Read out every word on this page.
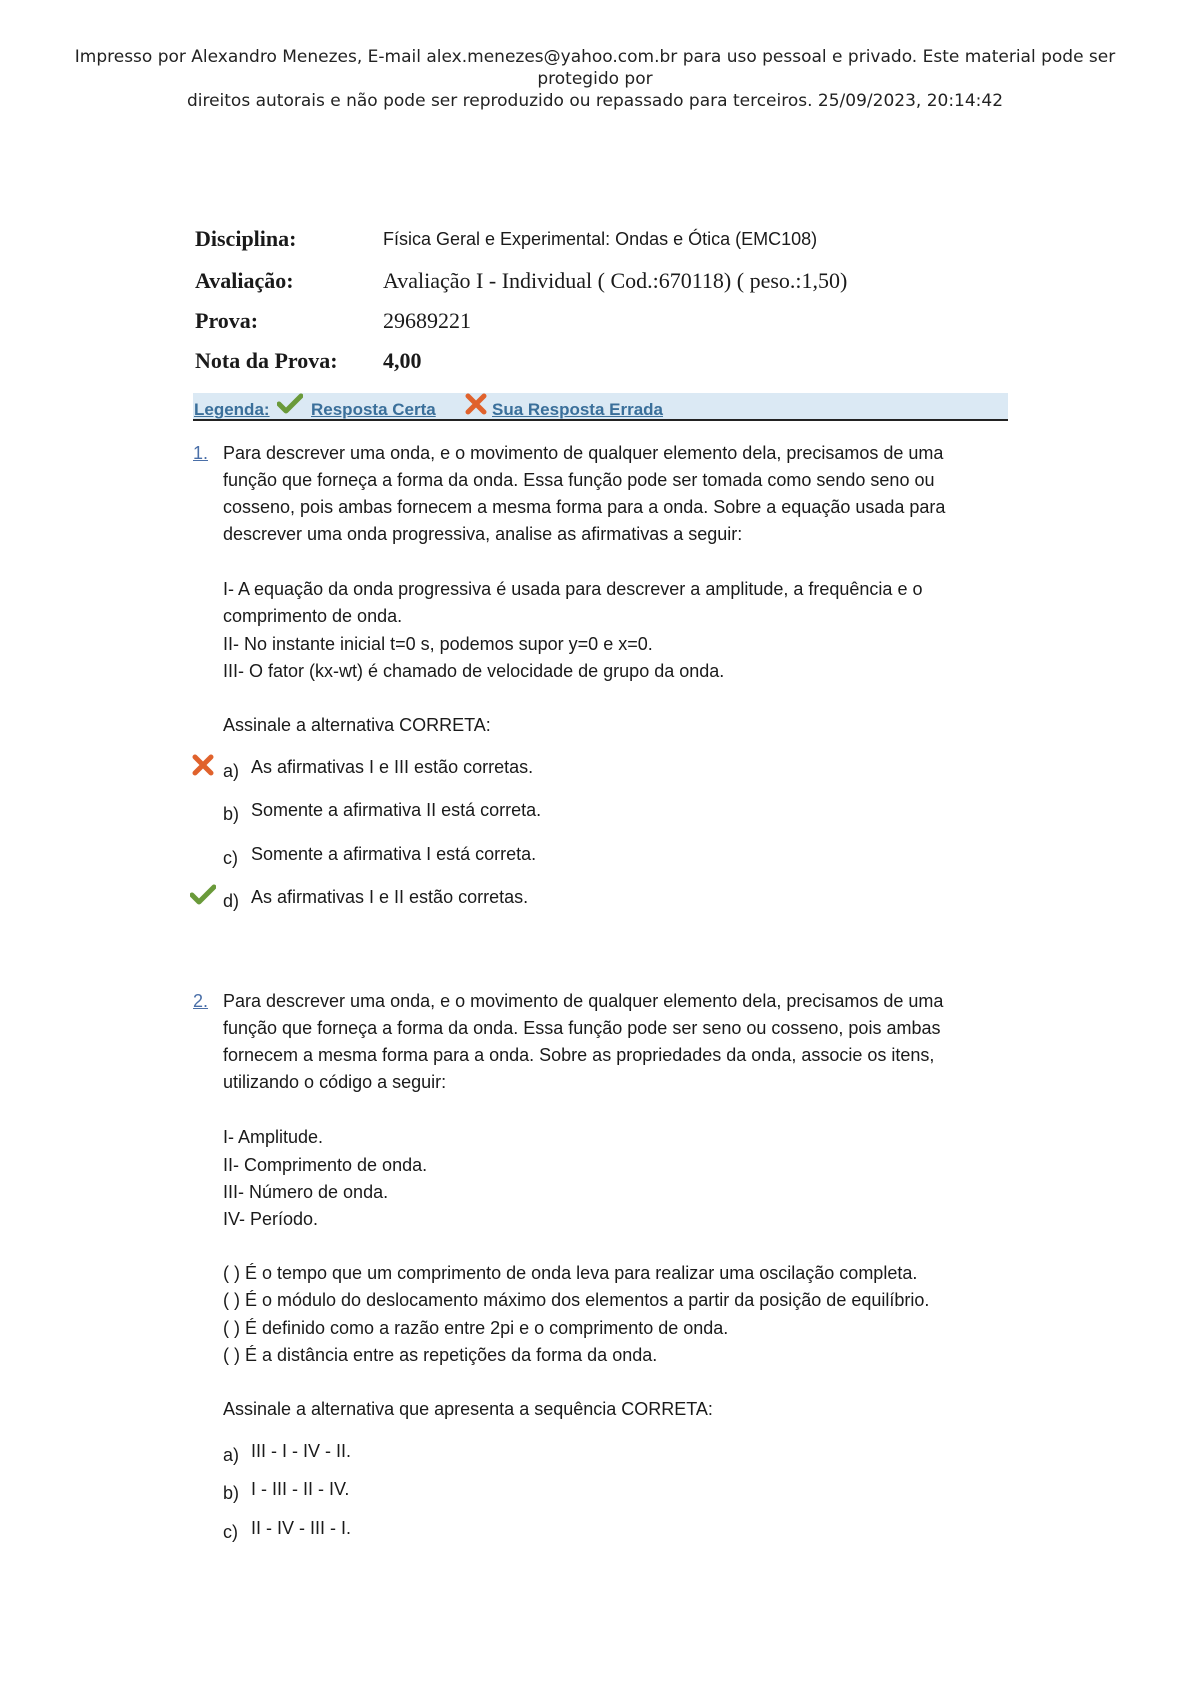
Impresso por Alexandro Menezes, E-mail alex.menezes@yahoo.com.br para uso pessoal e privado. Este material pode ser protegido por
direitos autorais e não pode ser reproduzido ou repassado para terceiros. 25/09/2023, 20:14:42
Disciplina:	Física Geral e Experimental: Ondas e Ótica (EMC108)
Avaliação:	Avaliação I - Individual ( Cod.:670118) ( peso.:1,50)
Prova:	29689221
Nota da Prova: 4,00
Legenda: Resposta Certa	Sua Resposta Errada
1. Para descrever uma onda, e o movimento de qualquer elemento dela, precisamos de uma

função que forneça a forma da onda. Essa função pode ser tomada como sendo seno ou

cosseno, pois ambas fornecem a mesma forma para a onda. Sobre a equação usada para

descrever uma onda progressiva, analise as afirmativas a seguir:

I- A equação da onda progressiva é usada para descrever a amplitude, a frequência e o
comprimento de onda.
II- No instante inicial t=0 s, podemos supor y=0 e x=0.
III- O fator (kx-wt) é chamado de velocidade de grupo da onda.
Assinale a alternativa CORRETA:
a) As afirmativas I e III estão corretas.
b) Somente a afirmativa II está correta.
c) Somente a afirmativa I está correta.
d) As afirmativas I e II estão corretas.
2. Para descrever uma onda, e o movimento de qualquer elemento dela, precisamos de uma

função que forneça a forma da onda. Essa função pode ser seno ou cosseno, pois ambas

fornecem a mesma forma para a onda. Sobre as propriedades da onda, associe os itens,

utilizando o código a seguir:

I- Amplitude.
II- Comprimento de onda.
III- Número de onda.
IV- Período.
( ) É o tempo que um comprimento de onda leva para realizar uma oscilação completa.
( ) É o módulo do deslocamento máximo dos elementos a partir da posição de equilíbrio.
( ) É definido como a razão entre 2pi e o comprimento de onda.
( ) É a distância entre as repetições da forma da onda.
Assinale a alternativa que apresenta a sequência CORRETA:
a) III - I - IV - II.
b) I - III - II - IV.
c) II - IV - III - I.
